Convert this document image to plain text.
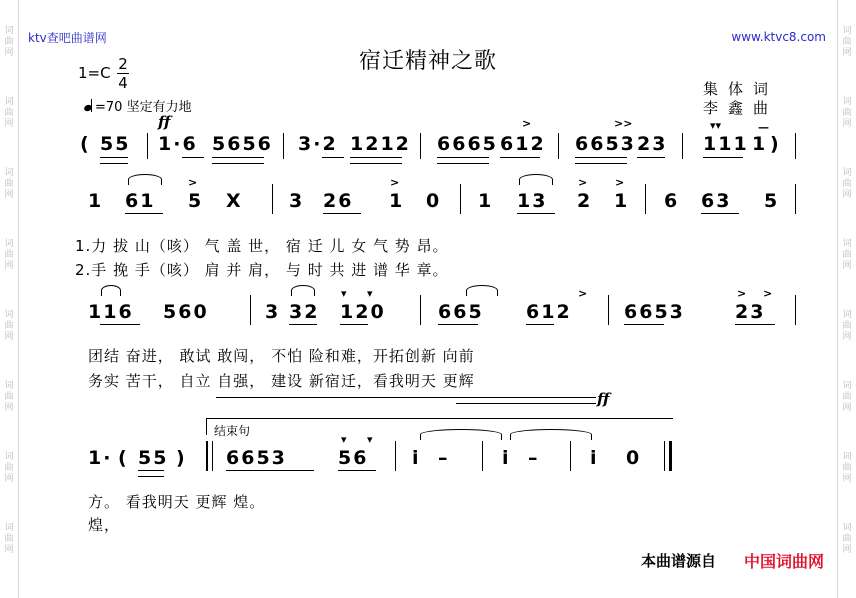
词
曲
网
词
曲
网
词
曲
网
词
曲
网
词
曲
网
词
曲
网
词
曲
网
词
曲
网
词
曲
网
词
曲
网
词
曲
网
词
曲
网
词
曲
网
词
曲
网
词
曲
网
词
曲
网
ktv查吧曲谱网	www.ktvc8.com
宿迁精神之歌
1=C 2
4
=70 坚定有力地
集体词
李鑫曲
ff
( 55 1·6 5656 3·2 1212 6665 612 6653 23 111 1 )
>	>>	▾▾	—
1 61 5 X 3 26 1 0 1 13 2 1 6 63 5
>	>	>	>
1.力 拔 山（咳） 气 盖 世， 宿 迁 儿 女 气 势 昂。
2.手 挽 手（咳） 肩 并 肩， 与 时 共 进 谱 华 章。
116 560	3 32 120	665 612	6653	23
▾ ▾	>	> >
团结 奋进， 敢试 敢闯， 不怕 险和难，开拓创新 向前
务实 苦干， 自立 自强， 建设 新宿迁，看我明天 更辉
ff
结束句
1· ( 55 ) 6653	56 i –	i –	i 0
▾ ▾
方。 看我明天 更辉 煌。
煌，
本曲谱源自 中国词曲网
